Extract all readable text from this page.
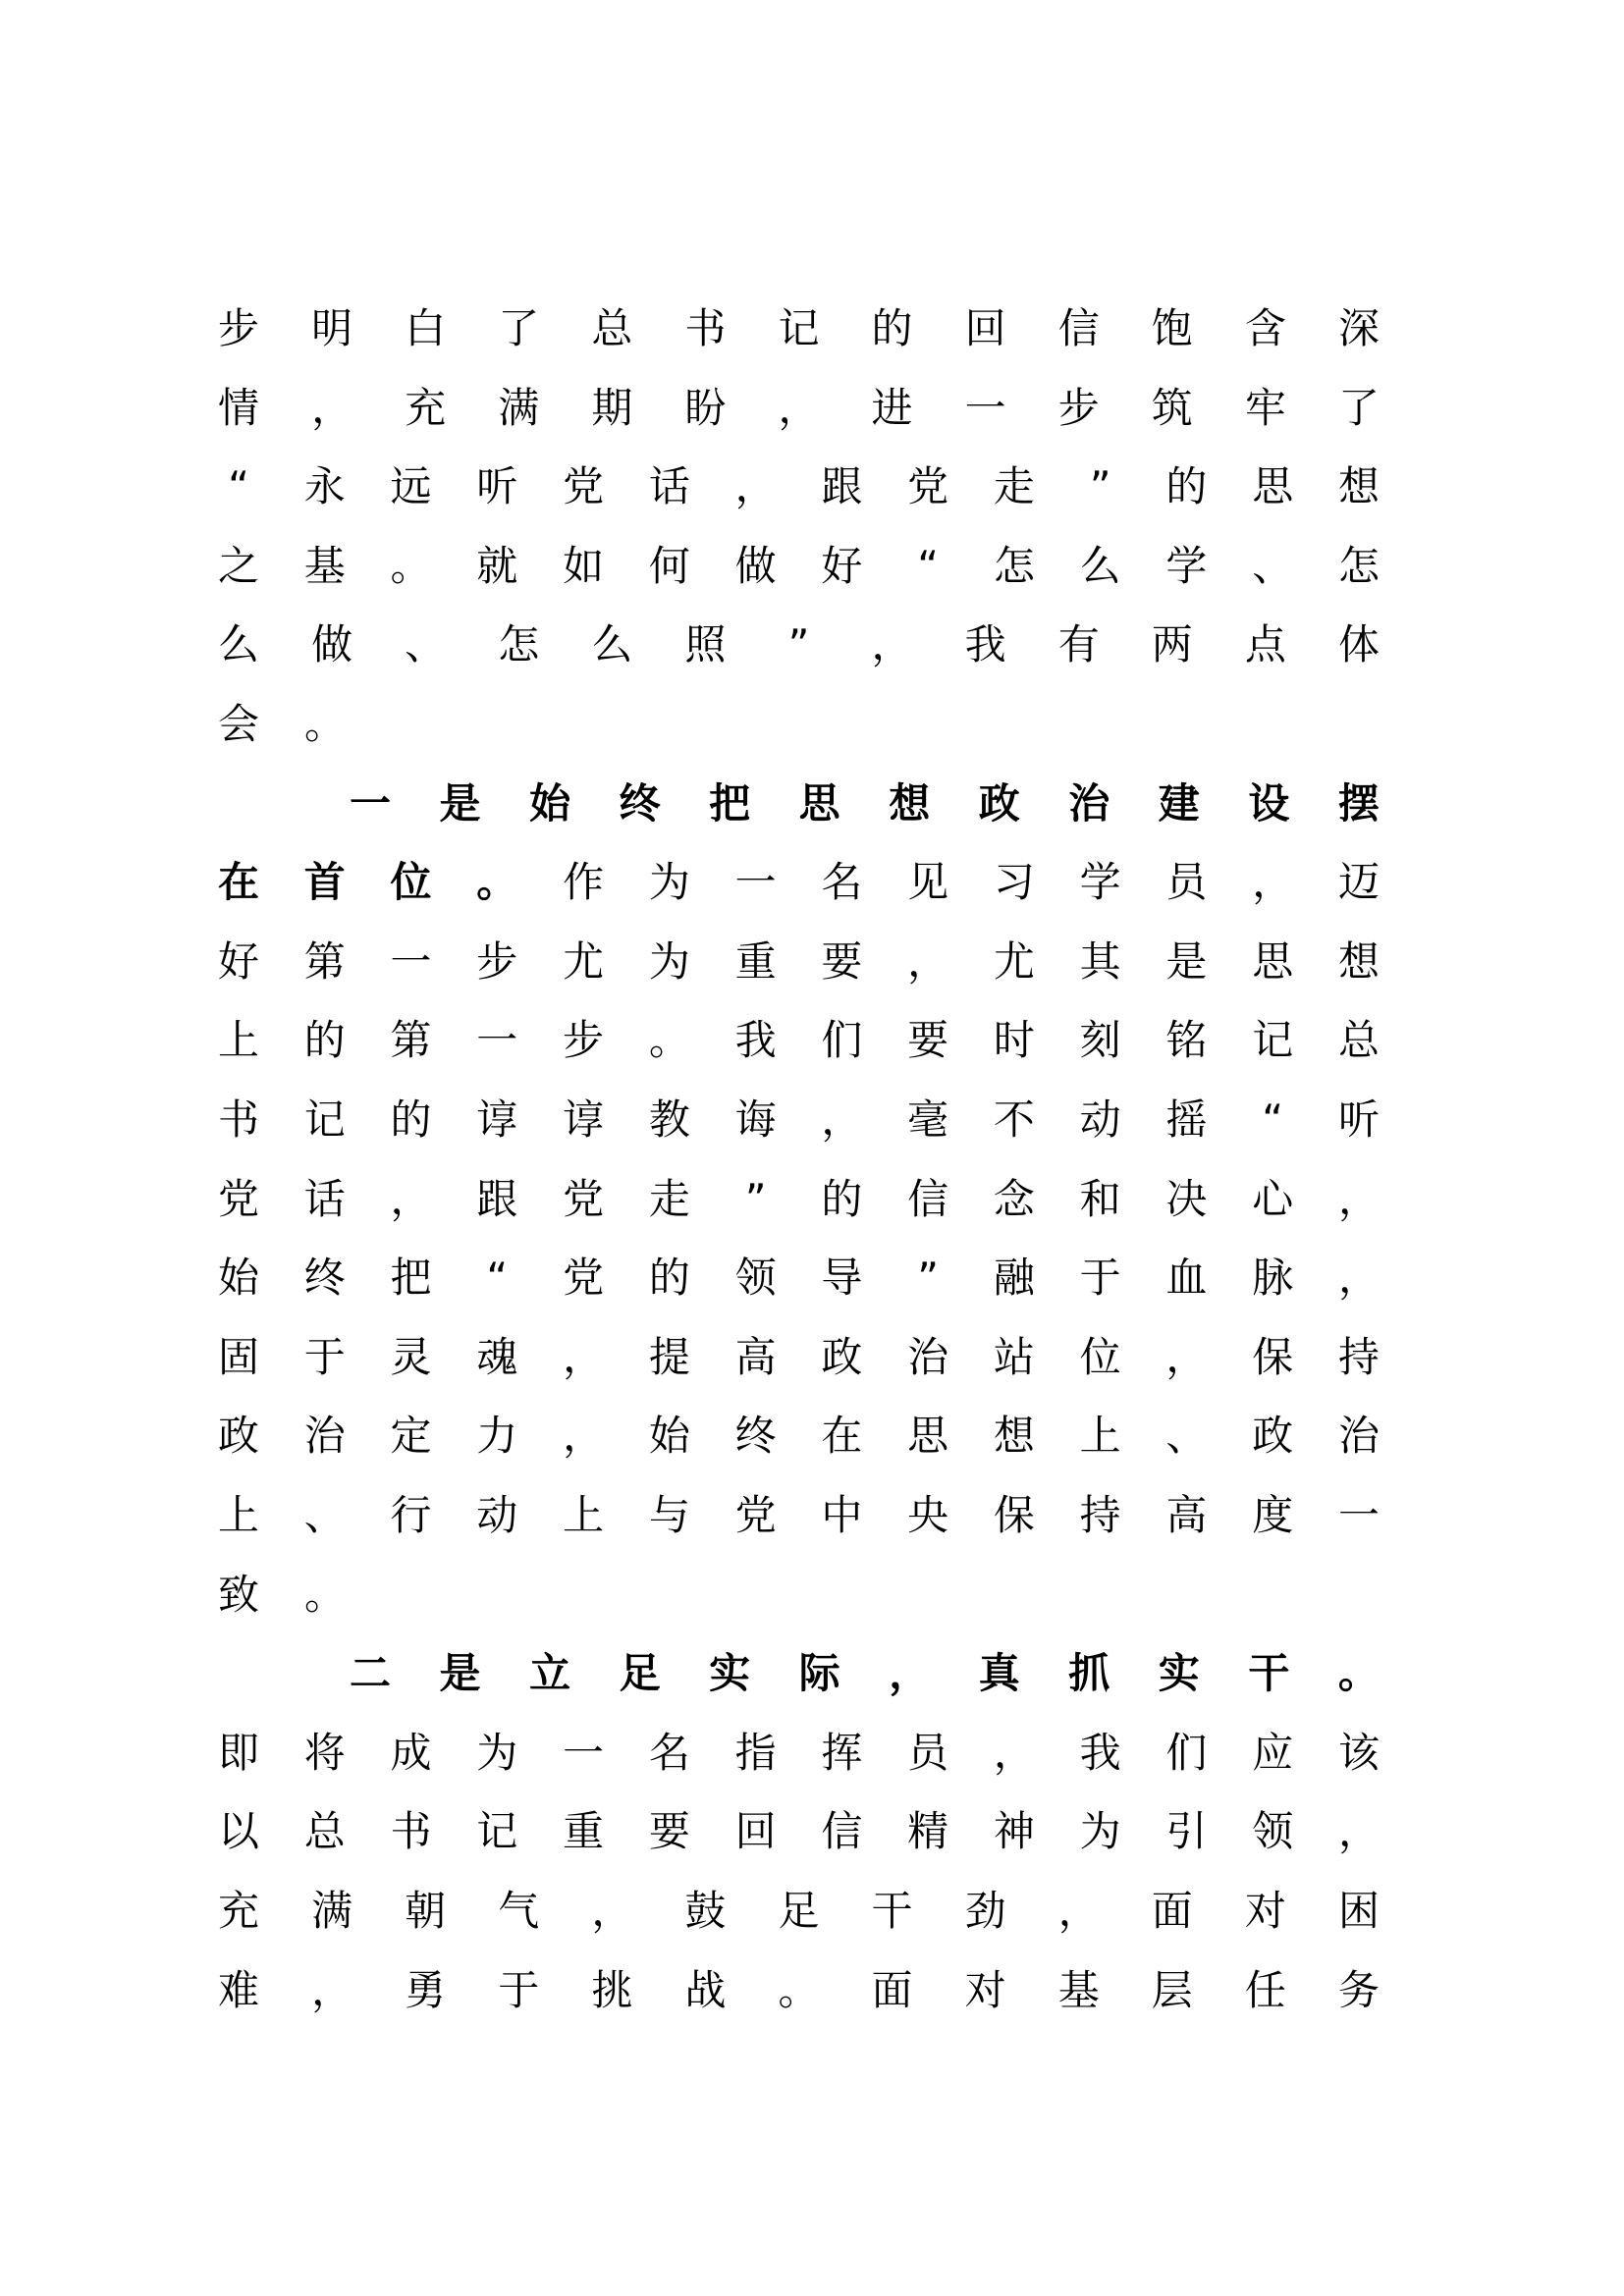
步 明 白 了 总 书 记 的 回 信 饱 含 深
情 ， 充 满 期 盼 ， 进 一 步 筑 牢 了
“ 永 远 听 党 话 ， 跟 党 走 ” 的 思 想
之 基 。 就 如 何 做 好 “ 怎 么 学 、 怎
么 做 、 怎 么 照 ” ， 我 有 两 点 体
会 。
一 是 始 终 把 思 想 政 治 建 设 摆
在 首 位 。 作 为 一 名 见 习 学 员 ， 迈
好 第 一 步 尤 为 重 要 ， 尤 其 是 思 想
上 的 第 一 步 。 我 们 要 时 刻 铭 记 总
书 记 的 谆 谆 教 诲 ， 毫 不 动 摇 “ 听
党 话 ， 跟 党 走 ” 的 信 念 和 决 心 ，
始 终 把 “ 党 的 领 导 ” 融 于 血 脉 ，
固 于 灵 魂 ， 提 高 政 治 站 位 ， 保 持
政 治 定 力 ， 始 终 在 思 想 上 、 政 治
上 、 行 动 上 与 党 中 央 保 持 高 度 一
致 。
二 是 立 足 实 际 ， 真 抓 实 干 。
即 将 成 为 一 名 指 挥 员 ， 我 们 应 该
以 总 书 记 重 要 回 信 精 神 为 引 领 ，
充 满 朝 气 ， 鼓 足 干 劲 ， 面 对 困
难 ， 勇 于 挑 战 。 面 对 基 层 任 务
